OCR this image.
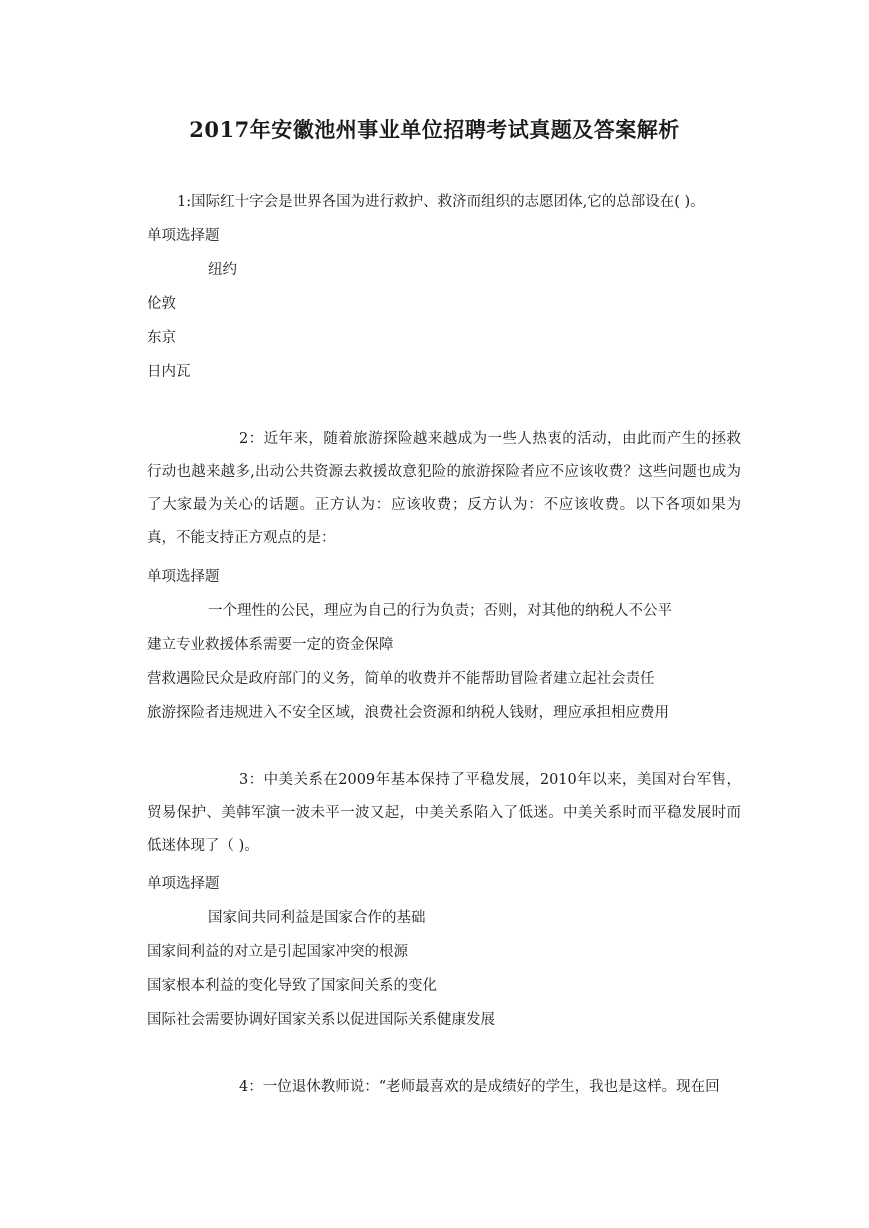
2017年安徽池州事业单位招聘考试真题及答案解析
1:国际红十字会是世界各国为进行救护、救济而组织的志愿团体,它的总部设在( )。
单项选择题
纽约
伦敦
东京
日内瓦
2：近年来，随着旅游探险越来越成为一些人热衷的活动，由此而产生的拯救行动也越来越多,出动公共资源去救援故意犯险的旅游探险者应不应该收费？这些问题也成为了大家最为关心的话题。正方认为：应该收费；反方认为：不应该收费。以下各项如果为真，不能支持正方观点的是：
单项选择题
一个理性的公民，理应为自己的行为负责；否则，对其他的纳税人不公平
建立专业救援体系需要一定的资金保障
营救遇险民众是政府部门的义务，简单的收费并不能帮助冒险者建立起社会责任
旅游探险者违规进入不安全区域，浪费社会资源和纳税人钱财，理应承担相应费用
3：中美关系在2009年基本保持了平稳发展，2010年以来，美国对台军售，贸易保护、美韩军演一波未平一波又起，中美关系陷入了低迷。中美关系时而平稳发展时而低迷体现了（ )。
单项选择题
国家间共同利益是国家合作的基础
国家间利益的对立是引起国家冲突的根源
国家根本利益的变化导致了国家间关系的变化
国际社会需要协调好国家关系以促进国际关系健康发展
4：一位退休教师说：“老师最喜欢的是成绩好的学生，我也是这样。现在回
